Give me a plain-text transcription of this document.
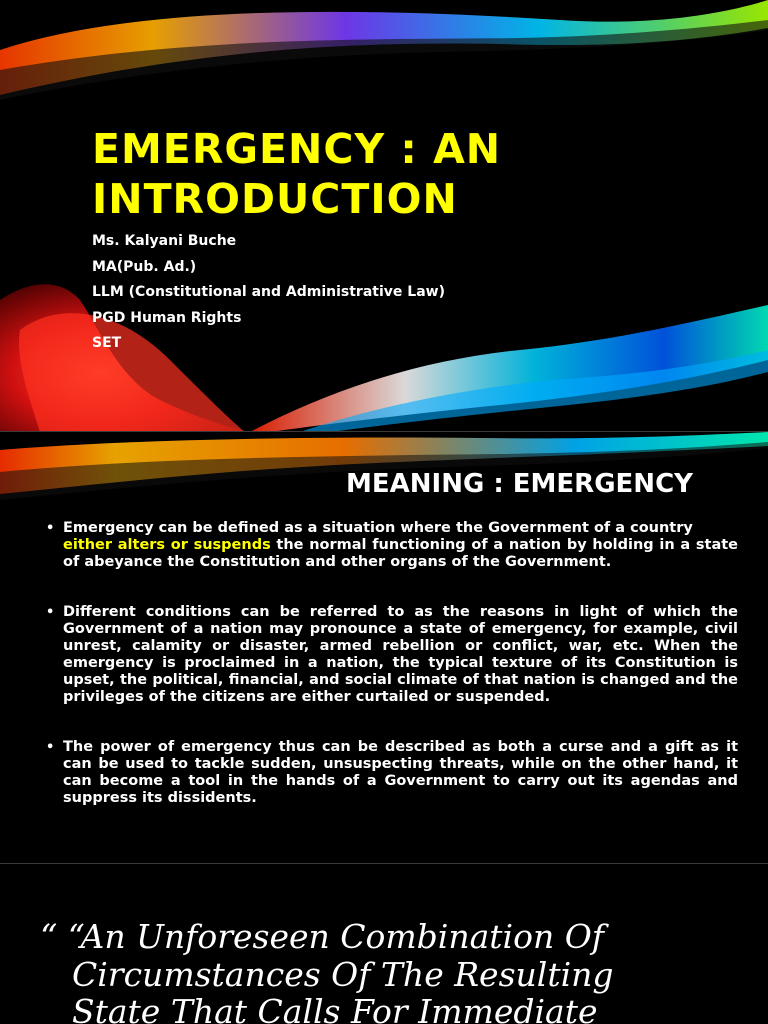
EMERGENCY : AN
INTRODUCTION
Ms. Kalyani Buche
MA(Pub. Ad.)
LLM (Constitutional and Administrative Law)
PGD Human Rights
SET
MEANING : EMERGENCY
• Emergency can be defined as a situation where the Government of a country
either alters or suspends the normal functioning of a nation by holding in a state of abeyance the Constitution and other organs of the Government.
• Different conditions can be referred to as the reasons in light of which the Government of a nation may pronounce a state of emergency, for example, civil unrest, calamity or disaster, armed rebellion or conflict, war, etc. When the emergency is proclaimed in a nation, the typical texture of its Constitution is upset, the political, financial, and social climate of that nation is changed and the privileges of the citizens are either curtailed or suspended.
• The power of emergency thus can be described as both a curse and a gift as it can be used to tackle sudden, unsuspecting threats, while on the other hand, it can become a tool in the hands of a Government to carry out its agendas and suppress its dissidents.

“ “An Unforeseen Combination Of
Circumstances Of The Resulting
State That Calls For Immediate
